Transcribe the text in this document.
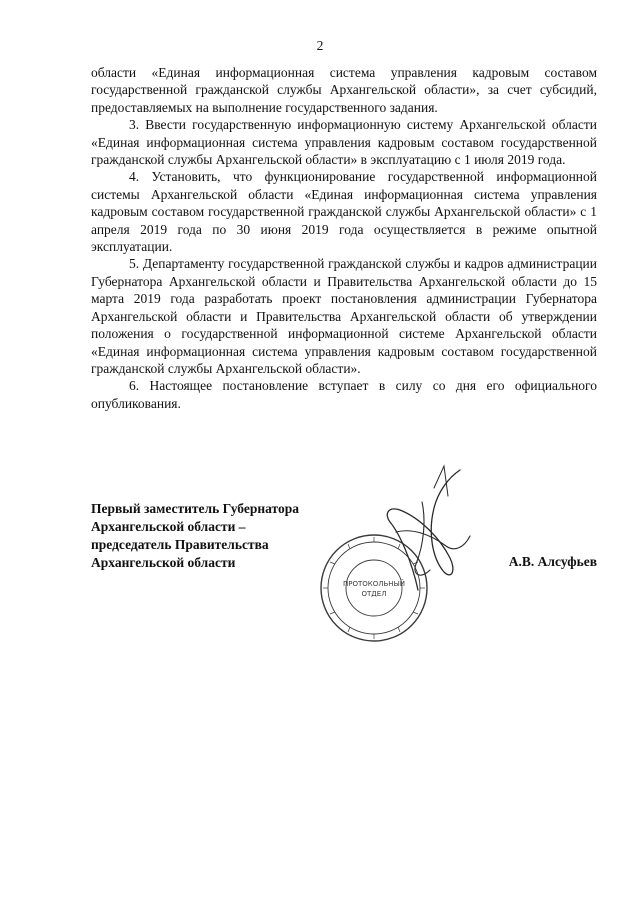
2

области «Единая информационная система управления кадровым составом государственной гражданской службы Архангельской области», за счет субсидий, предоставляемых на выполнение государственного задания.

3. Ввести государственную информационную систему Архангельской области «Единая информационная система управления кадровым составом государственной гражданской службы Архангельской области» в эксплуатацию с 1 июля 2019 года.

4. Установить, что функционирование государственной информационной системы Архангельской области «Единая информационная система управления кадровым составом государственной гражданской службы Архангельской области» с 1 апреля 2019 года по 30 июня 2019 года осуществляется в режиме опытной эксплуатации.

5. Департаменту государственной гражданской службы и кадров администрации Губернатора Архангельской области и Правительства Архангельской области до 15 марта 2019 года разработать проект постановления администрации Губернатора Архангельской области и Правительства Архангельской области об утверждении положения о государственной информационной системе Архангельской области «Единая информационная система управления кадровым составом государственной гражданской службы Архангельской области».

6. Настоящее постановление вступает в силу со дня его официального опубликования.

Первый заместитель Губернатора
Архангельской области –
председатель Правительства
Архангельской области	А.В. Алсуфьев
ПРОТОКОЛЬНЫЙ
ОТДЕЛ
